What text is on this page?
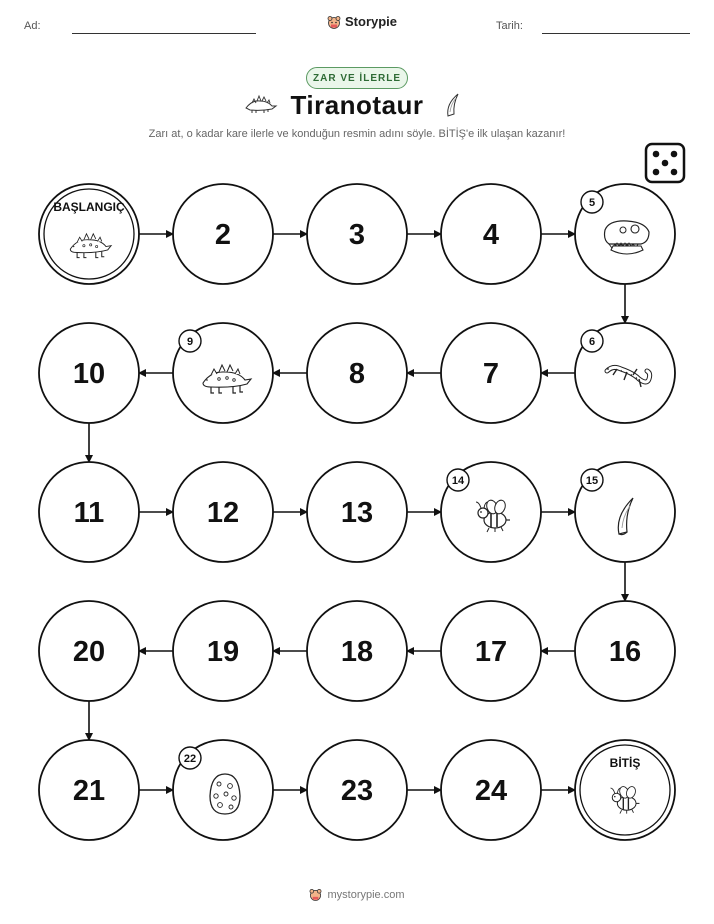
Ad:	Storypie	Tarih:
ZAR VE İLERLE
Tiranotaur
Zarı at, o kadar kare ilerle ve konduğun resmin adını söyle. BİTİŞ'e ilk ulaşan kazanır!
BAŞLANGIÇ
2	3	4
5
6
7
8
9
10
11	12	13
14	15
16
17
18
19
20
21
22
23	24
BİTİŞ
mystorypie.com
